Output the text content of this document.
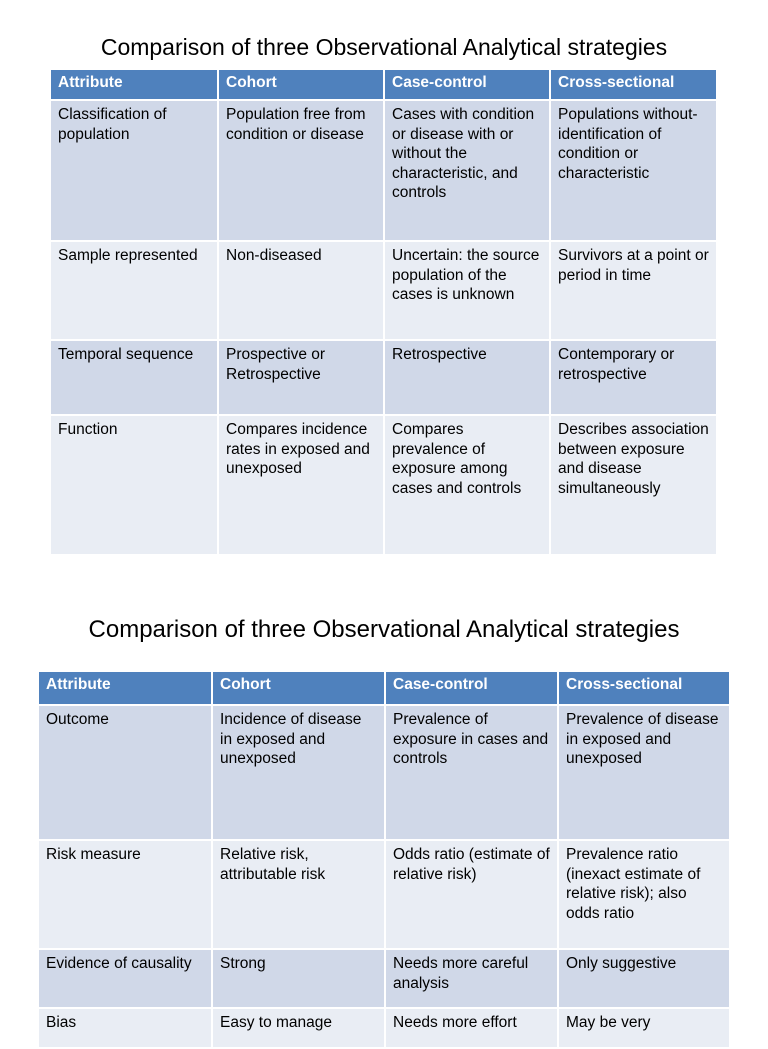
Comparison of three Observational Analytical strategies
Attribute	Cohort	Case-control	Cross-sectional
Classification of population	Population free from condition or disease	Cases with condition or disease with or without the characteristic, and controls	Populations without-identification of condition or characteristic
Sample represented	Non-diseased	Uncertain: the source population of the cases is unknown	Survivors at a point or period in time
Temporal sequence	Prospective or Retrospective	Retrospective	Contemporary or retrospective
Function	Compares incidence rates in exposed and unexposed	Compares prevalence of exposure among cases and controls	Describes association between exposure and disease simultaneously
Comparison of three Observational Analytical strategies
Attribute	Cohort	Case-control	Cross-sectional
Outcome	Incidence of disease in exposed and unexposed	Prevalence of exposure in cases and controls	Prevalence of disease in exposed and unexposed
Risk measure	Relative risk, attributable risk	Odds ratio (estimate of relative risk)	Prevalence ratio (inexact estimate of relative risk); also odds ratio
Evidence of causality	Strong	Needs more careful analysis	Only suggestive
Bias	Easy to manage	Needs more effort	May be very
